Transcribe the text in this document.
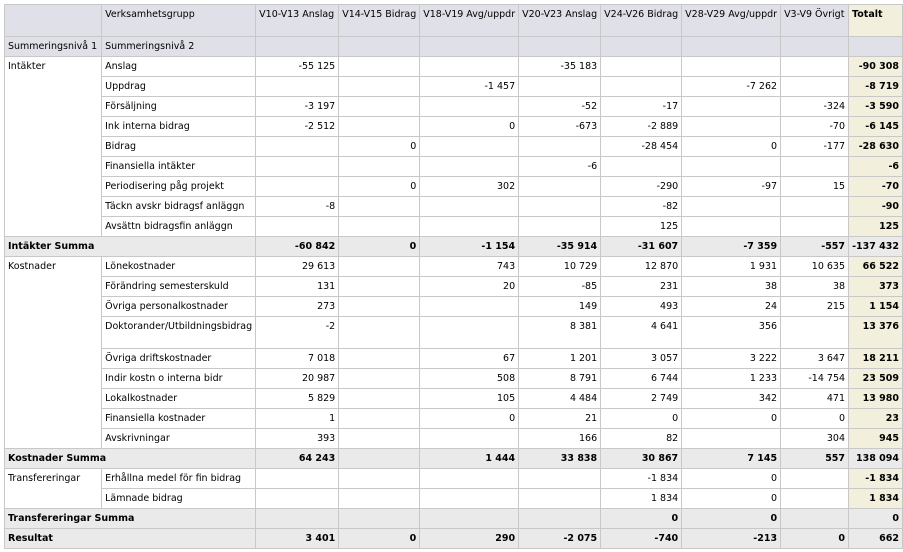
	Verksamhetsgrupp	V10-V13 Anslag	V14-V15 Bidrag	V18-V19 Avg/uppdr	V20-V23 Anslag	V24-V26 Bidrag	V28-V29 Avg/uppdr	V3-V9 Övrigt	Totalt
Summeringsnivå 1	Summeringsnivå 2								
Intäkter	Anslag	-55 125			-35 183				-90 308
	Uppdrag			-1 457			-7 262		-8 719
	Försäljning	-3 197			-52	-17		-324	-3 590
	Ink interna bidrag	-2 512		0	-673	-2 889		-70	-6 145
	Bidrag		0			-28 454	0	-177	-28 630
	Finansiella intäkter				-6				-6
	Periodisering påg projekt		0	302		-290	-97	15	-70
	Täckn avskr bidragsf anläggn	-8				-82			-90
	Avsättn bidragsfin anläggn					125			125
Intäkter Summa		-60 842	0	-1 154	-35 914	-31 607	-7 359	-557	-137 432
Kostnader	Lönekostnader	29 613		743	10 729	12 870	1 931	10 635	66 522
	Förändring semesterskuld	131		20	-85	231	38	38	373
	Övriga personalkostnader	273			149	493	24	215	1 154
	Doktorander/Utbildningsbidrag	-2			8 381	4 641	356		13 376
	Övriga driftskostnader	7 018		67	1 201	3 057	3 222	3 647	18 211
	Indir kostn o interna bidr	20 987		508	8 791	6 744	1 233	-14 754	23 509
	Lokalkostnader	5 829		105	4 484	2 749	342	471	13 980
	Finansiella kostnader	1		0	21	0	0	0	23
	Avskrivningar	393			166	82		304	945
Kostnader Summa		64 243		1 444	33 838	30 867	7 145	557	138 094
Transfereringar	Erhållna medel för fin bidrag					-1 834	0		-1 834
	Lämnade bidrag					1 834	0		1 834
Transfereringar Summa						0	0		0
Resultat		3 401	0	290	-2 075	-740	-213	0	662
